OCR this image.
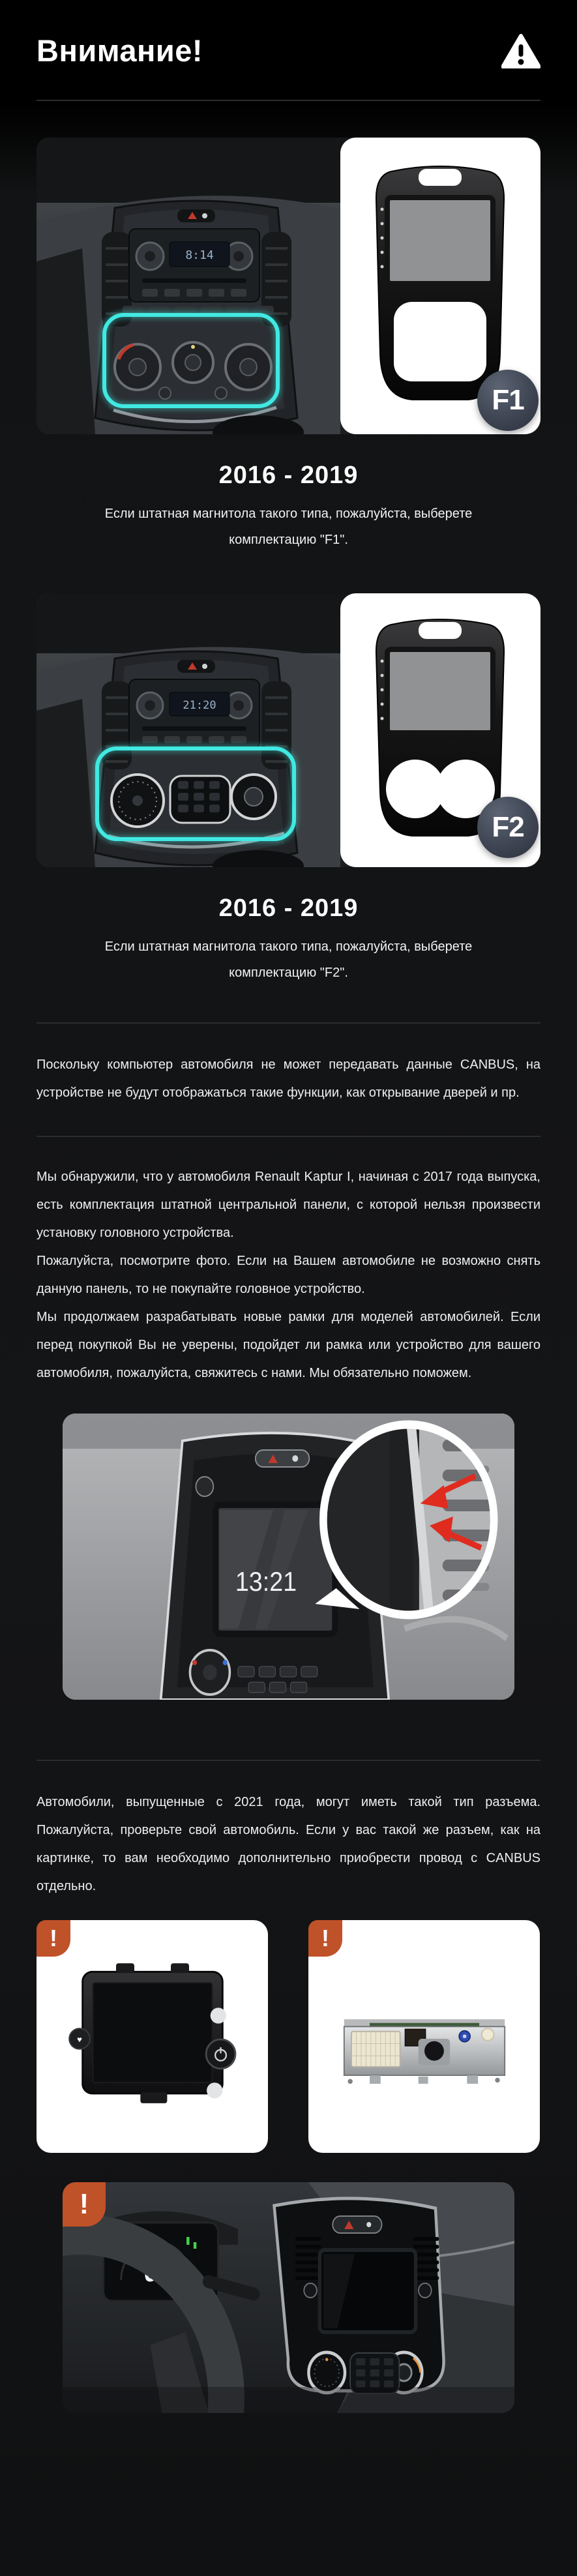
Внимание!
8:14
F1
2016 - 2019

Если штатная магнитола такого типа, пожалуйста, выберете комплектацию "F1".

21:20
F2
2016 - 2019

Если штатная магнитола такого типа, пожалуйста, выберете комплектацию "F2".

Поскольку компьютер автомобиля не может передавать данные CANBUS, на устройстве не будут отображаться такие функции, как открывание дверей и пр.

Мы обнаружили, что у автомобиля Renault Kaptur I, начиная с 2017 года выпуска, есть комплектация штатной центральной панели, с которой нельзя произвести установку головного устройства.

Пожалуйста, посмотрите фото. Если на Вашем автомобиле не возможно снять данную панель, то не покупайте головное устройство.

Мы продолжаем разрабатывать новые рамки для моделей автомобилей. Если перед покупкой Вы не уверены, подойдет ли рамка или устройство для вашего автомобиля, пожалуйста, свяжитесь с нами. Мы обязательно поможем.

13:21

Автомобили, выпущенные с 2021 года, могут иметь такой тип разъема. Пожалуйста, проверьте свой автомобиль. Если у вас такой же разъем, как на картинке, то вам необходимо дополнительно приобрести провод с CANBUS отдельно.

!
♥
!
0
!
